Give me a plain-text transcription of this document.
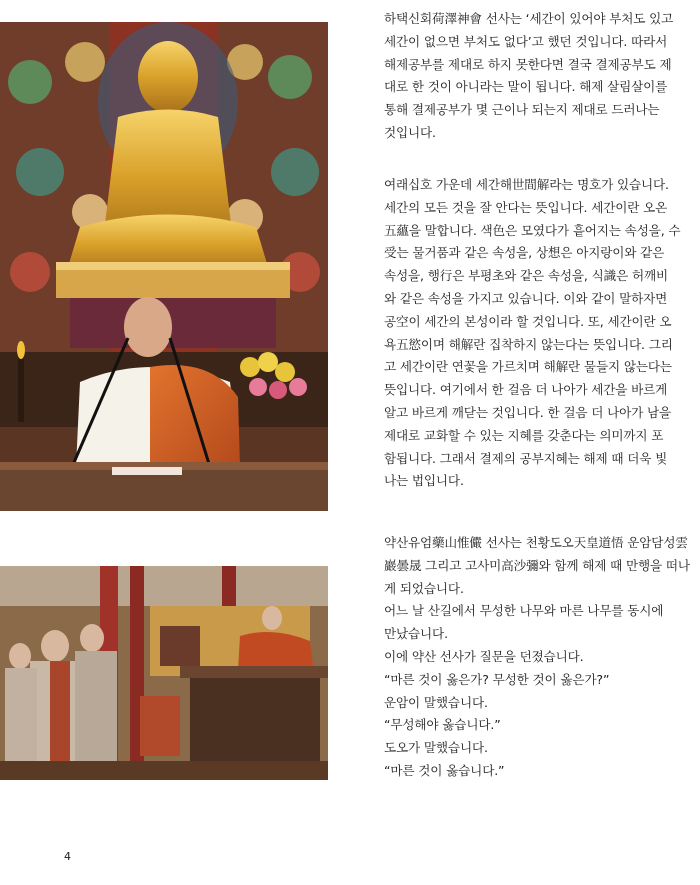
하택신회荷澤神會 선사는 ‘세간이 있어야 부처도 있고
세간이 없으면 부처도 없다’고 했던 것입니다. 따라서
해제공부를 제대로 하지 못한다면 결국 결제공부도 제
대로 한 것이 아니라는 말이 됩니다. 해제 살림살이를
통해 결제공부가 몇 근이나 되는지 제대로 드러나는
것입니다.
여래십호 가운데 세간해世間解라는 명호가 있습니다.
세간의 모든 것을 잘 안다는 뜻입니다. 세간이란 오온
五蘊을 말합니다. 색色은 모였다가 흩어지는 속성을, 수
受는 물거품과 같은 속성을, 상想은 아지랑이와 같은
속성을, 행行은 부평초와 같은 속성을, 식識은 허깨비
와 같은 속성을 가지고 있습니다. 이와 같이 말하자면
공空이 세간의 본성이라 할 것입니다. 또, 세간이란 오
욕五慾이며 해解란 집착하지 않는다는 뜻입니다. 그리
고 세간이란 연꽃을 가르치며 해解란 물들지 않는다는
뜻입니다. 여기에서 한 걸음 더 나아가 세간을 바르게
알고 바르게 깨닫는 것입니다. 한 걸음 더 나아가 남을
제대로 교화할 수 있는 지혜를 갖춘다는 의미까지 포
함됩니다. 그래서 결제의 공부지혜는 해제 때 더욱 빛
나는 법입니다.
약산유엄藥山惟儼 선사는 천황도오天皇道悟 운암담성雲
巖曇晟 그리고 고사미高沙彌와 함께 해제 때 만행을 떠나
게 되었습니다.
어느 날 산길에서 무성한 나무와 마른 나무를 동시에
만났습니다.
이에 약산 선사가 질문을 던졌습니다.
“마른 것이 옳은가? 무성한 것이 옳은가?”
운암이 말했습니다.
“무성해야 옳습니다.”
도오가 말했습니다.
“마른 것이 옳습니다.”
4
